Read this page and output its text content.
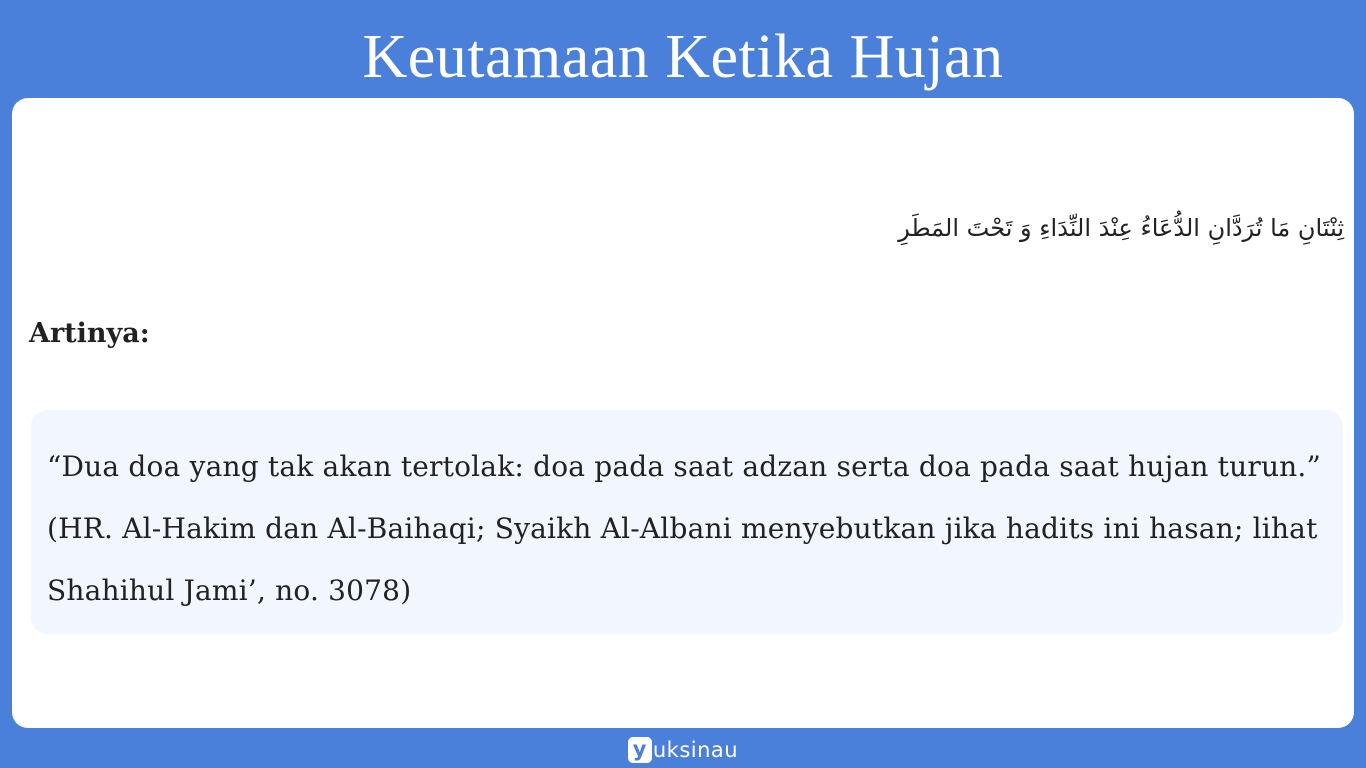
Keutamaan Ketika Hujan
ثِنْتَانِ مَا تُرَدَّانِ الدُّعَاءُ عِنْدَ النِّدَاءِ وَ تَحْتَ المَطَرِ
Artinya:
“Dua doa yang tak akan tertolak: doa pada saat adzan serta doa pada saat hujan turun.” (HR. Al-Hakim dan Al-Baihaqi; Syaikh Al-Albani menyebutkan jika hadits ini hasan; lihat Shahihul Jami’, no. 3078)
y uksinau
